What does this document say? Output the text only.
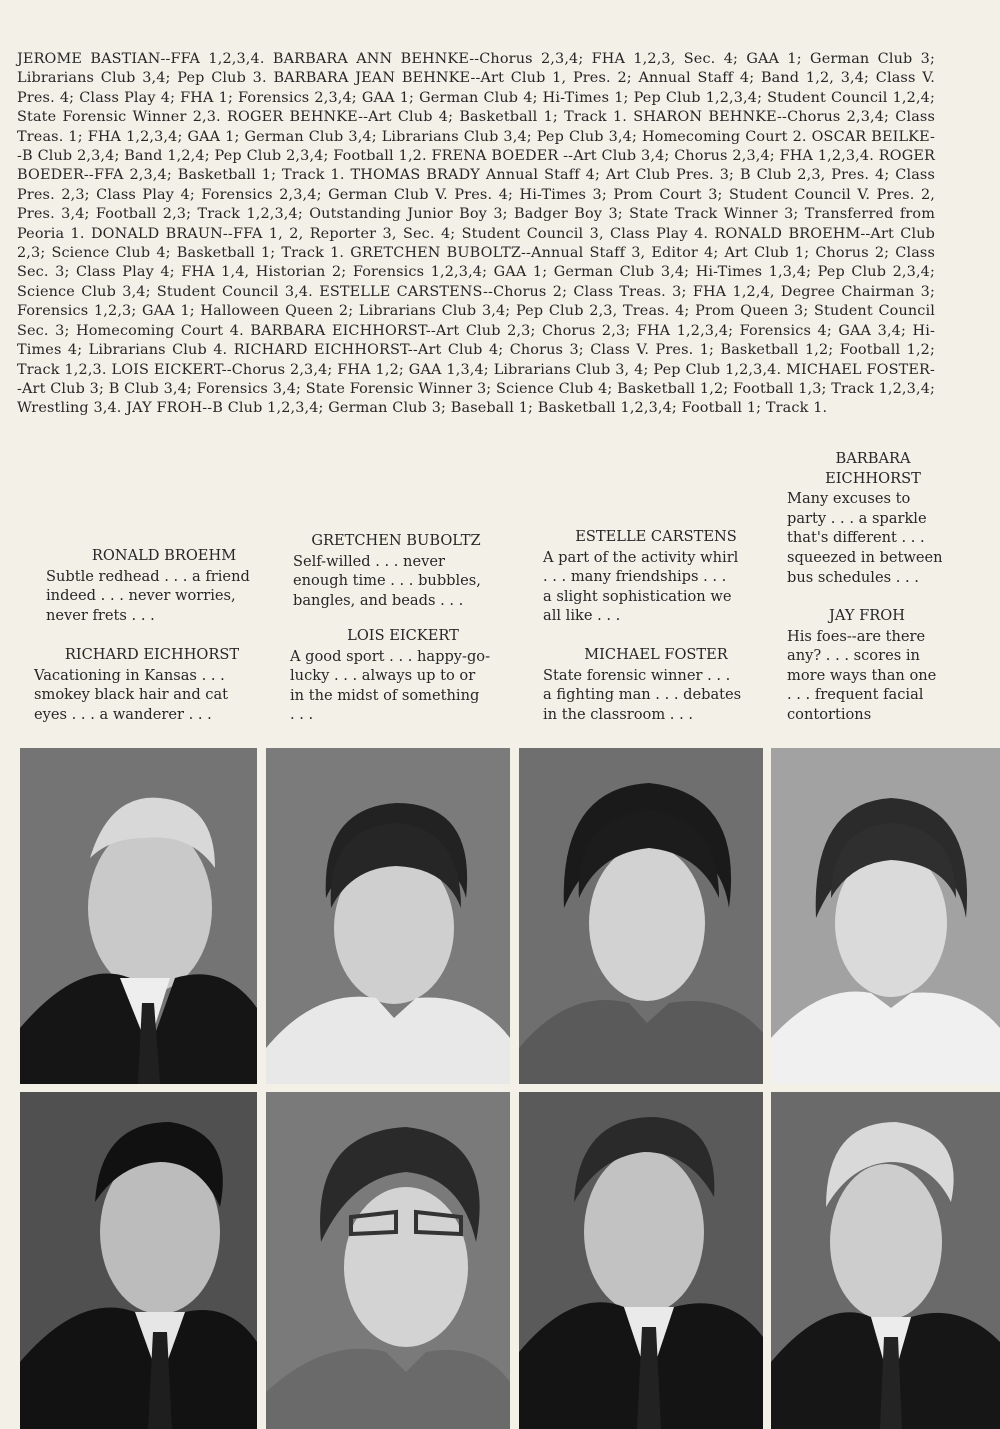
JEROME BASTIAN--FFA 1,2,3,4. BARBARA ANN BEHNKE--Chorus 2,3,4; FHA 1,2,3, Sec. 4; GAA 1; German Club 3; Librarians Club 3,4; Pep Club 3. BARBARA JEAN BEHNKE--Art Club 1, Pres. 2; Annual Staff 4; Band 1,2, 3,4; Class V. Pres. 4; Class Play 4; FHA 1; Forensics 2,3,4; GAA 1; German Club 4; Hi-Times 1; Pep Club 1,2,3,4; Student Council 1,2,4; State Forensic Winner 2,3. ROGER BEHNKE--Art Club 4; Basketball 1; Track 1. SHARON BEHNKE--Chorus 2,3,4; Class Treas. 1; FHA 1,2,3,4; GAA 1; German Club 3,4; Librarians Club 3,4; Pep Club 3,4; Homecoming Court 2. OSCAR BEILKE--B Club 2,3,4; Band 1,2,4; Pep Club 2,3,4; Football 1,2. FRENA BOEDER --Art Club 3,4; Chorus 2,3,4; FHA 1,2,3,4. ROGER BOEDER--FFA 2,3,4; Basketball 1; Track 1. THOMAS BRADY Annual Staff 4; Art Club Pres. 3; B Club 2,3, Pres. 4; Class Pres. 2,3; Class Play 4; Forensics 2,3,4; German Club V. Pres. 4; Hi-Times 3; Prom Court 3; Student Council V. Pres. 2, Pres. 3,4; Football 2,3; Track 1,2,3,4; Outstanding Junior Boy 3; Badger Boy 3; State Track Winner 3; Transferred from Peoria 1. DONALD BRAUN--FFA 1, 2, Reporter 3, Sec. 4; Student Council 3, Class Play 4. RONALD BROEHM--Art Club 2,3; Science Club 4; Basketball 1; Track 1. GRETCHEN BUBOLTZ--Annual Staff 3, Editor 4; Art Club 1; Chorus 2; Class Sec. 3; Class Play 4; FHA 1,4, Historian 2; Forensics 1,2,3,4; GAA 1; German Club 3,4; Hi-Times 1,3,4; Pep Club 2,3,4; Science Club 3,4; Student Council 3,4. ESTELLE CARSTENS--Chorus 2; Class Treas. 3; FHA 1,2,4, Degree Chairman 3; Forensics 1,2,3; GAA 1; Halloween Queen 2; Librarians Club 3,4; Pep Club 2,3, Treas. 4; Prom Queen 3; Student Council Sec. 3; Homecoming Court 4. BARBARA EICHHORST--Art Club 2,3; Chorus 2,3; FHA 1,2,3,4; Forensics 4; GAA 3,4; Hi-Times 4; Librarians Club 4. RICHARD EICHHORST--Art Club 4; Chorus 3; Class V. Pres. 1; Basketball 1,2; Football 1,2; Track 1,2,3. LOIS EICKERT--Chorus 2,3,4; FHA 1,2; GAA 1,3,4; Librarians Club 3, 4; Pep Club 1,2,3,4. MICHAEL FOSTER--Art Club 3; B Club 3,4; Forensics 3,4; State Forensic Winner 3; Science Club 4; Basketball 1,2; Football 1,3; Track 1,2,3,4; Wrestling 3,4. JAY FROH--B Club 1,2,3,4; German Club 3; Baseball 1; Basketball 1,2,3,4; Football 1; Track 1.
RONALD BROEHM
Subtle redhead . . . a friend
indeed . . . never worries,
never frets . . .
RICHARD EICHHORST
Vacationing in Kansas . . .
smokey black hair and cat
eyes . . . a wanderer . . .
GRETCHEN BUBOLTZ
Self-willed . . . never
enough time . . . bubbles,
bangles, and beads . . .
LOIS EICKERT
A good sport . . . happy-go-
lucky . . . always up to or
in the midst of something
. . .
ESTELLE CARSTENS
A part of the activity whirl
. . . many friendships . . .
a slight sophistication we
all like . . .
MICHAEL FOSTER
State forensic winner . . .
a fighting man . . . debates
in the classroom . . .
BARBARA
EICHHORST
Many excuses to
party . . . a sparkle
that's different . . .
squeezed in between
bus schedules . . .
JAY FROH
His foes--are there
any? . . . scores in
more ways than one
. . . frequent facial
contortions
